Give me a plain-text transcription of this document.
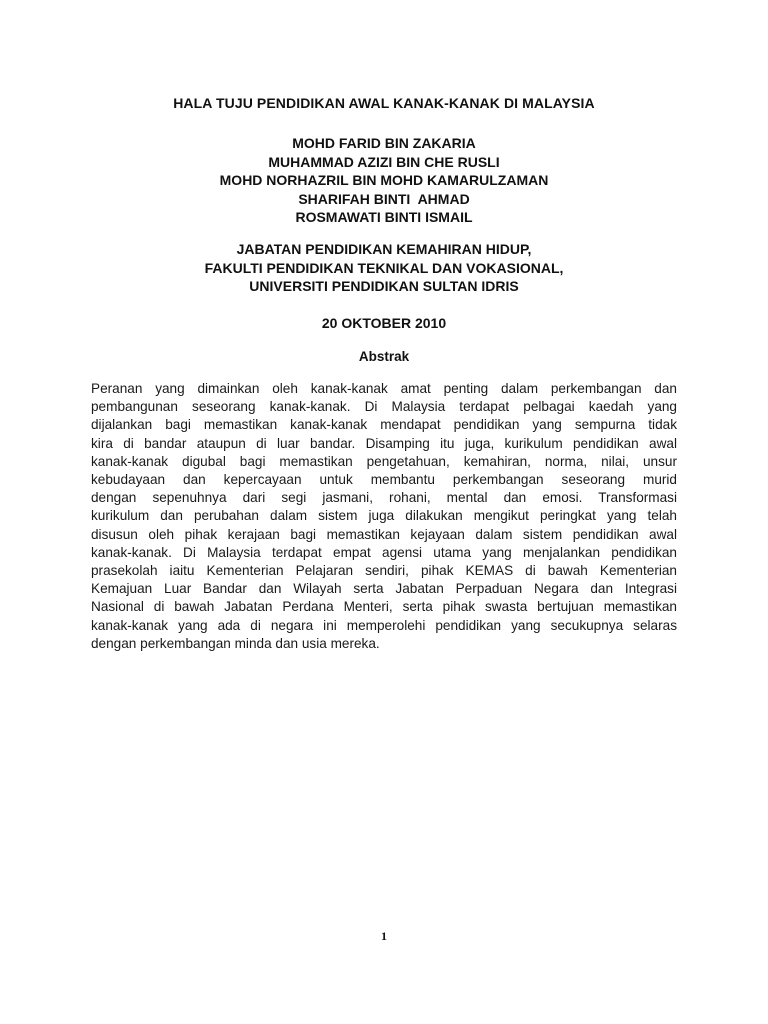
HALA TUJU PENDIDIKAN AWAL KANAK-KANAK DI MALAYSIA
MOHD FARID BIN ZAKARIA
MUHAMMAD AZIZI BIN CHE RUSLI
MOHD NORHAZRIL BIN MOHD KAMARULZAMAN
SHARIFAH BINTI  AHMAD
ROSMAWATI BINTI ISMAIL
JABATAN PENDIDIKAN KEMAHIRAN HIDUP,
FAKULTI PENDIDIKAN TEKNIKAL DAN VOKASIONAL,
UNIVERSITI PENDIDIKAN SULTAN IDRIS
20 OKTOBER 2010
Abstrak
Peranan yang dimainkan oleh kanak-kanak amat penting dalam perkembangan dan
pembangunan seseorang kanak-kanak. Di Malaysia terdapat pelbagai kaedah yang
dijalankan bagi memastikan kanak-kanak mendapat pendidikan yang sempurna tidak
kira di bandar ataupun di luar bandar. Disamping itu juga, kurikulum pendidikan awal
kanak-kanak digubal bagi memastikan pengetahuan, kemahiran, norma, nilai, unsur
kebudayaan dan kepercayaan untuk membantu perkembangan seseorang murid
dengan sepenuhnya dari segi jasmani, rohani, mental dan emosi. Transformasi
kurikulum dan perubahan dalam sistem juga dilakukan mengikut peringkat yang telah
disusun oleh pihak kerajaan bagi memastikan kejayaan dalam sistem pendidikan awal
kanak-kanak. Di Malaysia terdapat empat agensi utama yang menjalankan pendidikan
prasekolah iaitu Kementerian Pelajaran sendiri, pihak KEMAS di bawah Kementerian
Kemajuan Luar Bandar dan Wilayah serta Jabatan Perpaduan Negara dan Integrasi
Nasional di bawah Jabatan Perdana Menteri, serta pihak swasta bertujuan memastikan
kanak-kanak yang ada di negara ini memperolehi pendidikan yang secukupnya selaras
dengan perkembangan minda dan usia mereka.
1
